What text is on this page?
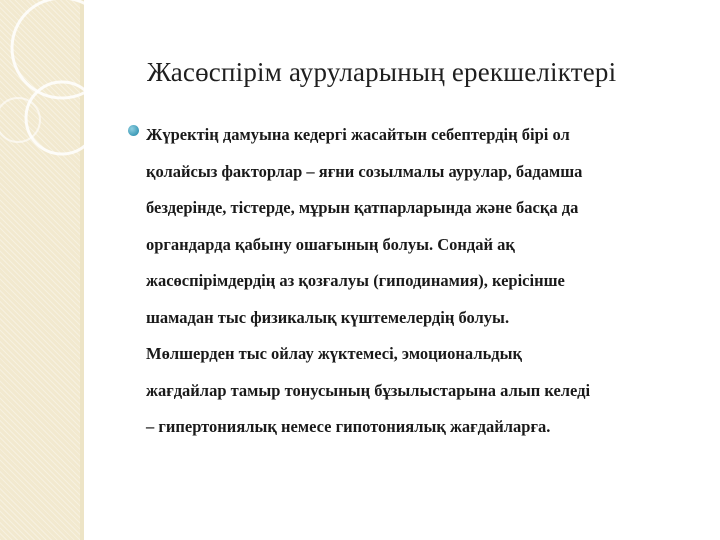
Жасөспірім ауруларының ерекшеліктері
Жүректің дамуына кедергі жасайтын себептердің бірі ол
қолайсыз факторлар – яғни созылмалы аурулар, бадамша
бездерінде, тістерде, мұрын қатпарларында және басқа да
органдарда қабыну ошағының болуы. Сондай ақ
жасөспірімдердің аз қозғалуы (гиподинамия), керісінше
шамадан тыс физикалық күштемелердің болуы.
Мөлшерден тыс ойлау жүктемесі, эмоциональдық
жағдайлар тамыр тонусының бұзылыстарына алып келеді
– гипертониялық немесе гипотониялық жағдайларға.
